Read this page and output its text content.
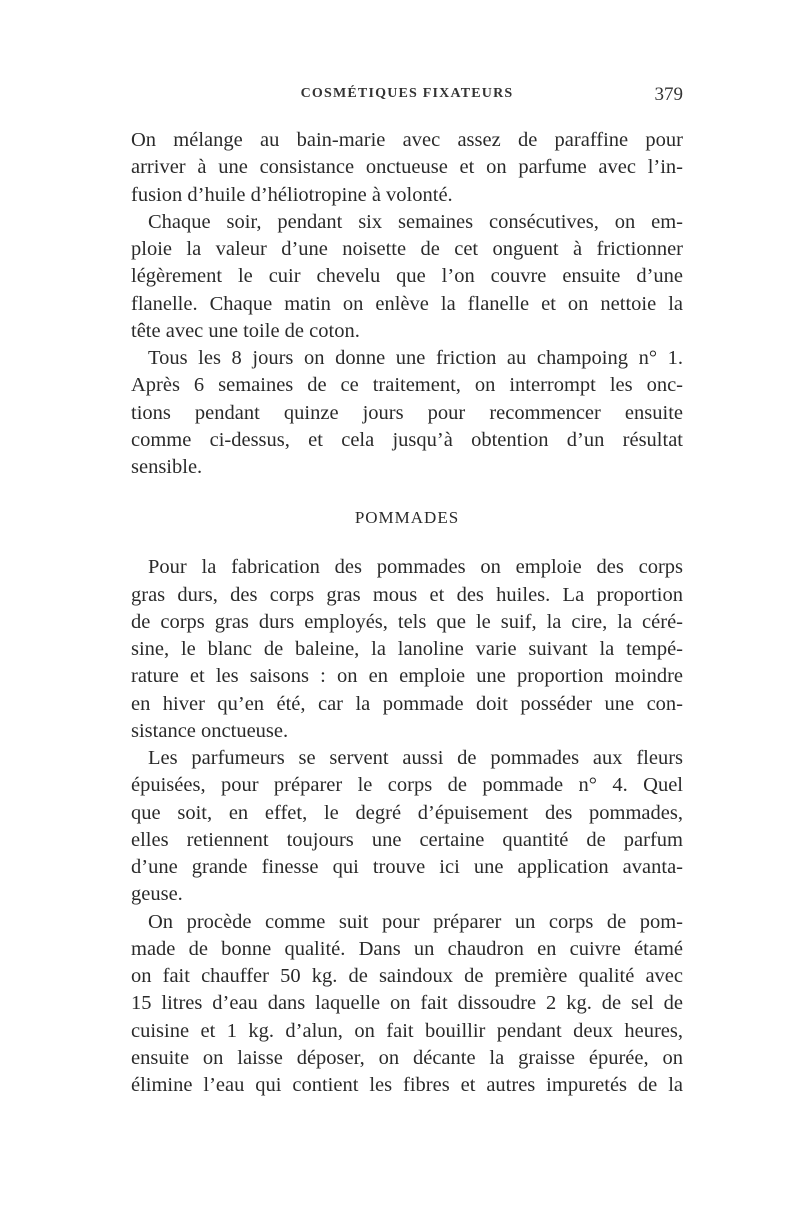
COSMÉTIQUES FIXATEURS	379
On mélange au bain-marie avec assez de paraffine pour
arriver à une consistance onctueuse et on parfume avec l’in-
fusion d’huile d’héliotropine à volonté.
Chaque soir, pendant six semaines consécutives, on em-
ploie la valeur d’une noisette de cet onguent à frictionner
légèrement le cuir chevelu que l’on couvre ensuite d’une
flanelle. Chaque matin on enlève la flanelle et on nettoie la
tête avec une toile de coton.
Tous les 8 jours on donne une friction au champoing n° 1.
Après 6 semaines de ce traitement, on interrompt les onc-
tions pendant quinze jours pour recommencer ensuite
comme ci-dessus, et cela jusqu’à obtention d’un résultat
sensible.
POMMADES
Pour la fabrication des pommades on emploie des corps
gras durs, des corps gras mous et des huiles. La proportion
de corps gras durs employés, tels que le suif, la cire, la céré-
sine, le blanc de baleine, la lanoline varie suivant la tempé-
rature et les saisons : on en emploie une proportion moindre
en hiver qu’en été, car la pommade doit posséder une con-
sistance onctueuse.
Les parfumeurs se servent aussi de pommades aux fleurs
épuisées, pour préparer le corps de pommade n° 4. Quel
que soit, en effet, le degré d’épuisement des pommades,
elles retiennent toujours une certaine quantité de parfum
d’une grande finesse qui trouve ici une application avanta-
geuse.
On procède comme suit pour préparer un corps de pom-
made de bonne qualité. Dans un chaudron en cuivre étamé
on fait chauffer 50 kg. de saindoux de première qualité avec
15 litres d’eau dans laquelle on fait dissoudre 2 kg. de sel de
cuisine et 1 kg. d’alun, on fait bouillir pendant deux heures,
ensuite on laisse déposer, on décante la graisse épurée, on
élimine l’eau qui contient les fibres et autres impuretés de la
